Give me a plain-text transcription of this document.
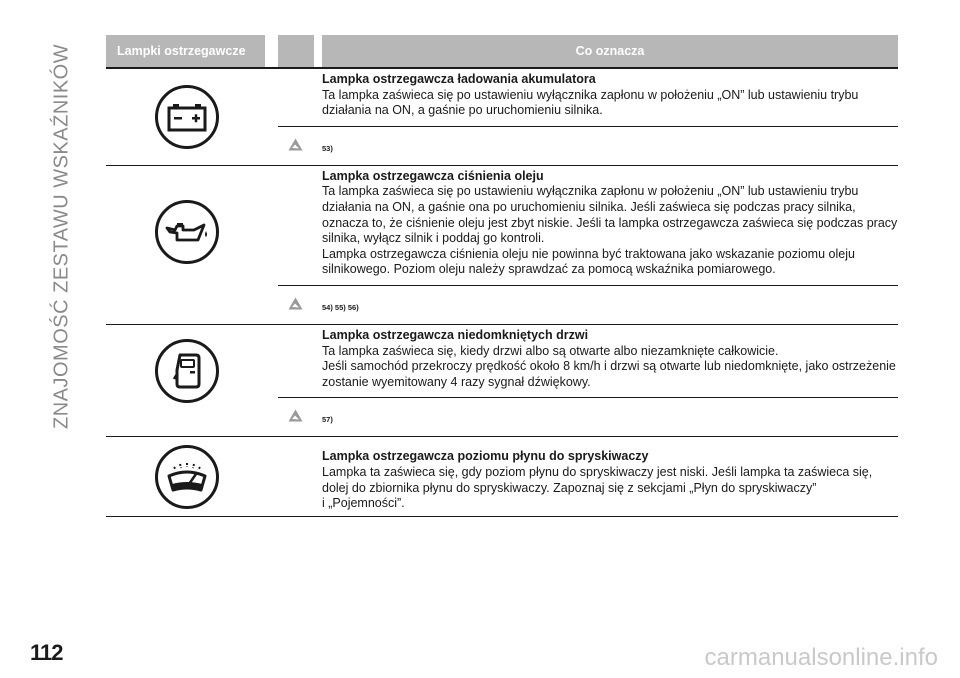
ZNAJOMOŚĆ ZESTAWU WSKAŹNIKÓW	Lampki ostrzegawcze	Co oznacza
Lampka ostrzegawcza ładowania akumulatora
Ta lampka zaświeca się po ustawieniu wyłącznika zapłonu w położeniu „ON” lub ustawieniu trybu
działania na ON, a gaśnie po uruchomieniu silnika.
53)
Lampka ostrzegawcza ciśnienia oleju
Ta lampka zaświeca się po ustawieniu wyłącznika zapłonu w położeniu „ON” lub ustawieniu trybu
działania na ON, a gaśnie ona po uruchomieniu silnika. Jeśli zaświeca się podczas pracy silnika,
oznacza to, że ciśnienie oleju jest zbyt niskie. Jeśli ta lampka ostrzegawcza zaświeca się podczas pracy
silnika, wyłącz silnik i poddaj go kontroli.
Lampka ostrzegawcza ciśnienia oleju nie powinna być traktowana jako wskazanie poziomu oleju
silnikowego. Poziom oleju należy sprawdzać za pomocą wskaźnika pomiarowego.
54) 55) 56)
Lampka ostrzegawcza niedomkniętych drzwi
Ta lampka zaświeca się, kiedy drzwi albo są otwarte albo niezamknięte całkowicie.
Jeśli samochód przekroczy prędkość około 8 km/h i drzwi są otwarte lub niedomknięte, jako ostrzeżenie
zostanie wyemitowany 4 razy sygnał dźwiękowy.
57)
Lampka ostrzegawcza poziomu płynu do spryskiwaczy
Lampka ta zaświeca się, gdy poziom płynu do spryskiwaczy jest niski. Jeśli lampka ta zaświeca się,
dolej do zbiornika płynu do spryskiwaczy. Zapoznaj się z sekcjami „Płyn do spryskiwaczy”
i „Pojemności”.
112	carmanualsonline.info
